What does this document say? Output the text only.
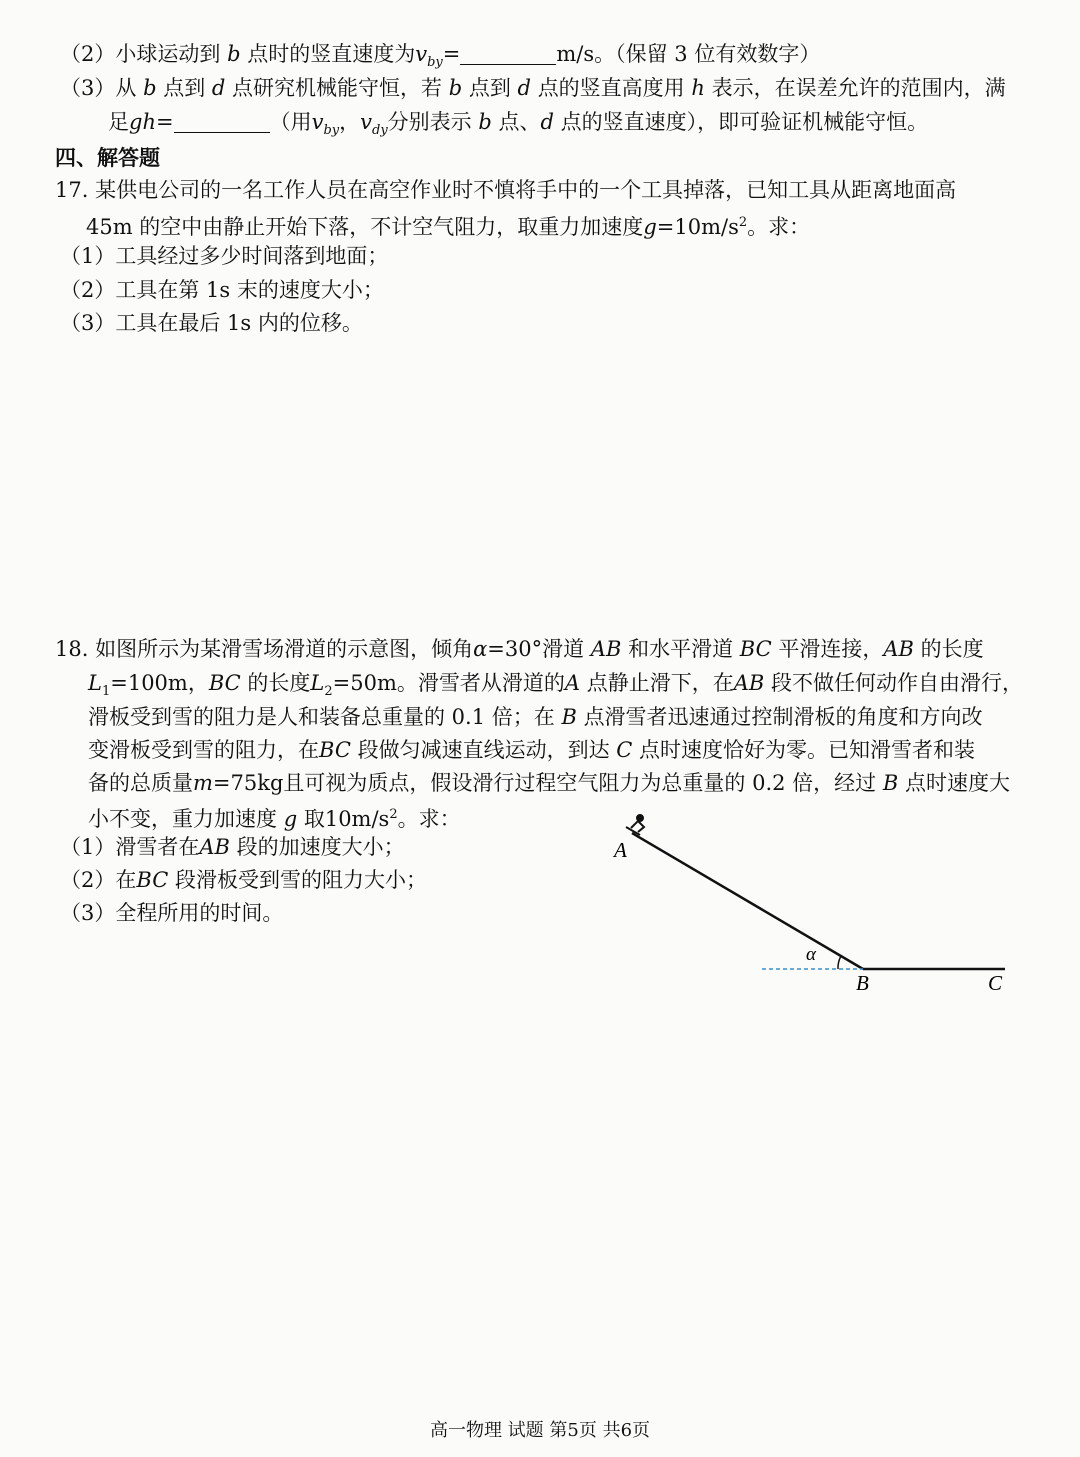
（2）小球运动到 b 点时的竖直速度为$v_{by}=$	m/s。（保留 3 位有效数字）
（3）从 b 点到 d 点研究机械能守恒，若 b 点到 d 点的竖直高度用 h 表示，在误差允许的范围内，满
足gh=	（用$v_{by}$，$v_{dy}$分别表示 b 点、d 点的竖直速度），即可验证机械能守恒。
四、解答题
17. 某供电公司的一名工作人员在高空作业时不慎将手中的一个工具掉落，已知工具从距离地面高
45m 的空中由静止开始下落，不计空气阻力，取重力加速度$g=10m/s^2$。求：
（1）工具经过多少时间落到地面；
（2）工具在第 1s 末的速度大小；
（3）工具在最后 1s 内的位移。
18. 如图所示为某滑雪场滑道的示意图，倾角α=30°滑道 AB 和水平滑道 BC 平滑连接，AB 的长度
$L_1=100m$，BC 的长度$L_2=50m$。滑雪者从滑道的A 点静止滑下，在AB 段不做任何动作自由滑行，
滑板受到雪的阻力是人和装备总重量的 0.1 倍；在 B 点滑雪者迅速通过控制滑板的角度和方向改
变滑板受到雪的阻力，在BC 段做匀减速直线运动，到达 C 点时速度恰好为零。已知滑雪者和装
备的总质量m=75kg且可视为质点，假设滑行过程空气阻力为总重量的 0.2 倍，经过 B 点时速度大
小不变，重力加速度 g 取$10m/s^2$。求：
（1）滑雪者在AB 段的加速度大小；
（2）在BC 段滑板受到雪的阻力大小；
（3）全程所用的时间。
A
α
B	C
高一物理 试题 第5页 共6页
